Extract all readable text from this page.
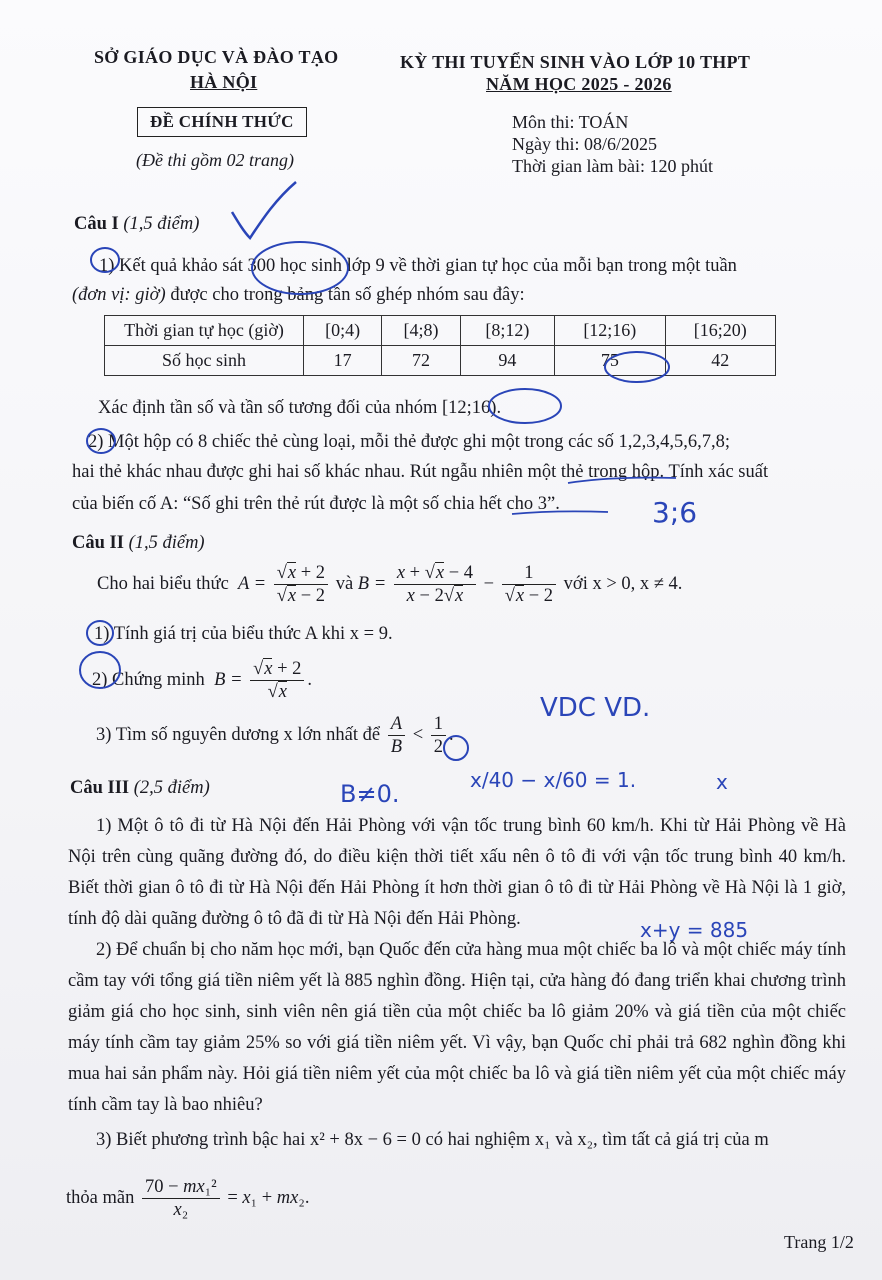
SỞ GIÁO DỤC VÀ ĐÀO TẠO
HÀ NỘI
KỲ THI TUYỂN SINH VÀO LỚP 10 THPT
NĂM HỌC 2025 - 2026
ĐỀ CHÍNH THỨC
(Đề thi gồm 02 trang)
Môn thi: TOÁN
Ngày thi: 08/6/2025
Thời gian làm bài: 120 phút
Câu I (1,5 điểm)
1) Kết quả khảo sát 300 học sinh lớp 9 về thời gian tự học của mỗi bạn trong một tuần
(đơn vị: giờ) được cho trong bảng tần số ghép nhóm sau đây:
Thời gian tự học (giờ)	[0;4)	[4;8)	[8;12)	[12;16)	[16;20)
Số học sinh	17	72	94	75	42
Xác định tần số và tần số tương đối của nhóm [12;16).
2) Một hộp có 8 chiếc thẻ cùng loại, mỗi thẻ được ghi một trong các số 1,2,3,4,5,6,7,8;
hai thẻ khác nhau được ghi hai số khác nhau. Rút ngẫu nhiên một thẻ trong hộp. Tính xác suất
của biến cố A: “Số ghi trên thẻ rút được là một số chia hết cho 3”.
Câu II (1,5 điểm)
Cho hai biểu thức  $A = \frac{√x + 2}{√x - 2}$ và $B = \frac{x + √x - 4}{x - 2√x} - \frac{1}{√x - 2}$ với x > 0, x ≠ 4.
1) Tính giá trị của biểu thức A khi x = 9.
2) Chứng minh  $B = \frac{√x + 2}{√x}$ .
3) Tìm số nguyên dương x lớn nhất để $\frac{A}{B} < \frac{1}{2}$ .
Câu III (2,5 điểm)

1) Một ô tô đi từ Hà Nội đến Hải Phòng với vận tốc trung bình 60 km/h. Khi từ Hải Phòng về Hà Nội trên cùng quãng đường đó, do điều kiện thời tiết xấu nên ô tô đi với vận tốc trung bình 40 km/h. Biết thời gian ô tô đi từ Hà Nội đến Hải Phòng ít hơn thời gian ô tô đi từ Hải Phòng về Hà Nội là 1 giờ, tính độ dài quãng đường ô tô đã đi từ Hà Nội đến Hải Phòng.

2) Để chuẩn bị cho năm học mới, bạn Quốc đến cửa hàng mua một chiếc ba lô và một chiếc máy tính cầm tay với tổng giá tiền niêm yết là 885 nghìn đồng. Hiện tại, cửa hàng đó đang triển khai chương trình giảm giá cho học sinh, sinh viên nên giá tiền của một chiếc ba lô giảm 20% và giá tiền của một chiếc máy tính cầm tay giảm 25% so với giá tiền niêm yết. Vì vậy, bạn Quốc chỉ phải trả 682 nghìn đồng khi mua hai sản phẩm này. Hỏi giá tiền niêm yết của một chiếc ba lô và giá tiền niêm yết của một chiếc máy tính cầm tay là bao nhiêu?

3) Biết phương trình bậc hai x² + 8x − 6 = 0 có hai nghiệm x₁ và x₂, tìm tất cả giá trị của m
thỏa mãn $\frac{\text{70 − mx₁²}}{\text{x₂}} = x_1 + mx_2$.
Trang 1/2
3;6
VDC VD.
B≠0.	x/40 − x/60 = 1.	x
x+y = 885
